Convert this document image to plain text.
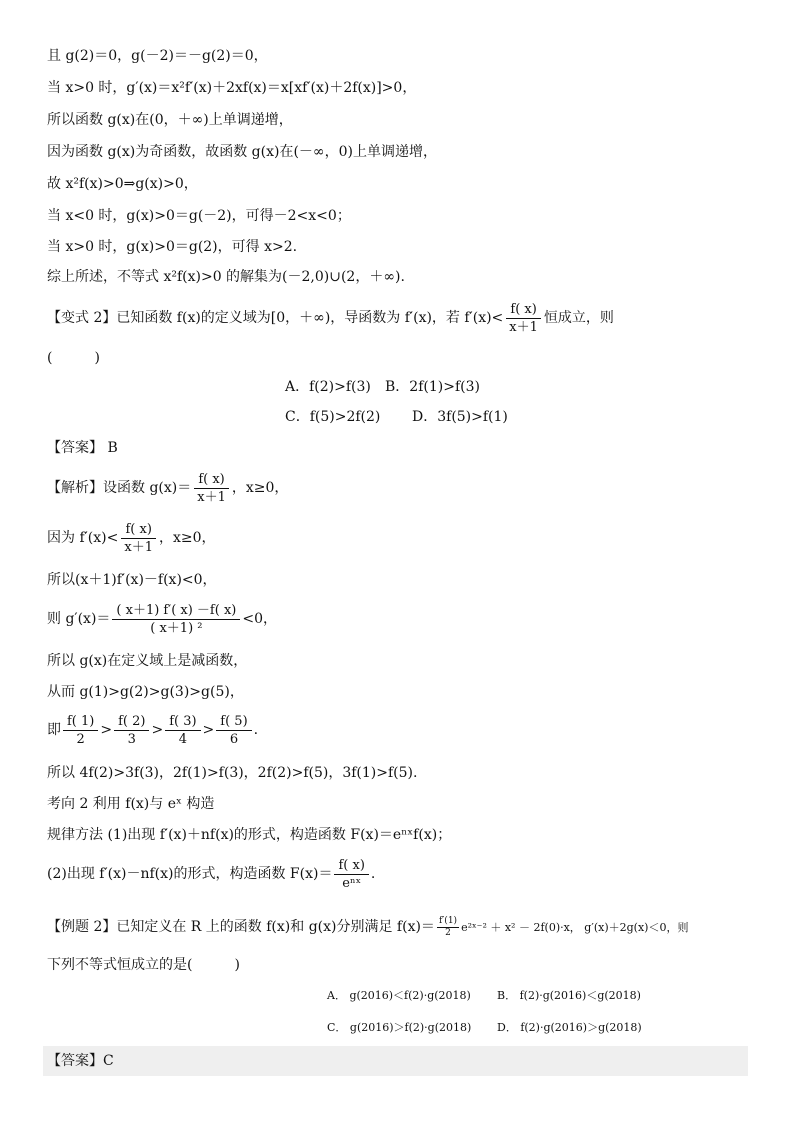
且 g(2)＝0，g(－2)＝－g(2)＝0，
当 x>0 时，g′(x)＝x²f′(x)＋2xf(x)＝x[xf′(x)＋2f(x)]>0，
所以函数 g(x)在(0，＋∞)上单调递增，
因为函数 g(x)为奇函数，故函数 g(x)在(－∞，0)上单调递增，
故 x²f(x)>0⇒g(x)>0，
当 x<0 时，g(x)>0＝g(－2)，可得－2<x<0；
当 x>0 时，g(x)>0＝g(2)，可得 x>2.
综上所述，不等式 x²f(x)>0 的解集为(－2,0)∪(2，＋∞).
【变式 2】已知函数 f(x)的定义域为[0，＋∞)，导函数为 f′(x)，若 $f'(x)< \frac{f( x)}{x+1}$ 恒成立，则
(　　　)
A．f(2)>f(3) B．2f(1)>f(3)
C．f(5)>2f(2) D．3f(5)>f(1)
【答案】 B
【解析】设函数 $g(x)= \frac{f( x)}{x+1}$ ，x≥0，
因为 $f'(x)< \frac{f( x)}{x+1}$ ，x≥0，
所以(x＋1)f′(x)－f(x)<0，
则 $g'(x)= \frac{( x+1) f'( x) -f( x)}{\text{( x＋1) ²}} <0$，
所以 g(x)在定义域上是减函数，
从而 g(1)>g(2)>g(3)>g(5)，
即 $\frac{f( 1)}{2} > \frac{f( 2)}{3} > \frac{f( 3)}{4} > \frac{f( 5)}{6}$ .
所以 4f(2)>3f(3)，2f(1)>f(3)，2f(2)>f(5)，3f(1)>f(5).
考向 2 利用 f(x)与 eˣ 构造
规律方法 (1)出现 f′(x)＋nf(x)的形式，构造函数 F(x)＝eⁿˣf(x)；
(2)出现 f′(x)－nf(x)的形式，构造函数 $F(x)= \frac{f( x)}{\text{eⁿˣ}}$ .
【例题 2】已知定义在 R 上的函数 f(x)和 g(x)分别满足 $f(x)= \frac{f'(1)}{2}$ e²ˣ⁻² ＋ x² － 2f(0)·x， g′(x)＋2g(x)＜0，则
下列不等式恒成立的是(　　　)
A． g(2016)＜f(2)·g(2018) B． f(2)·g(2016)＜g(2018)
C． g(2016)＞f(2)·g(2018) D． f(2)·g(2016)＞g(2018)
【答案】C
